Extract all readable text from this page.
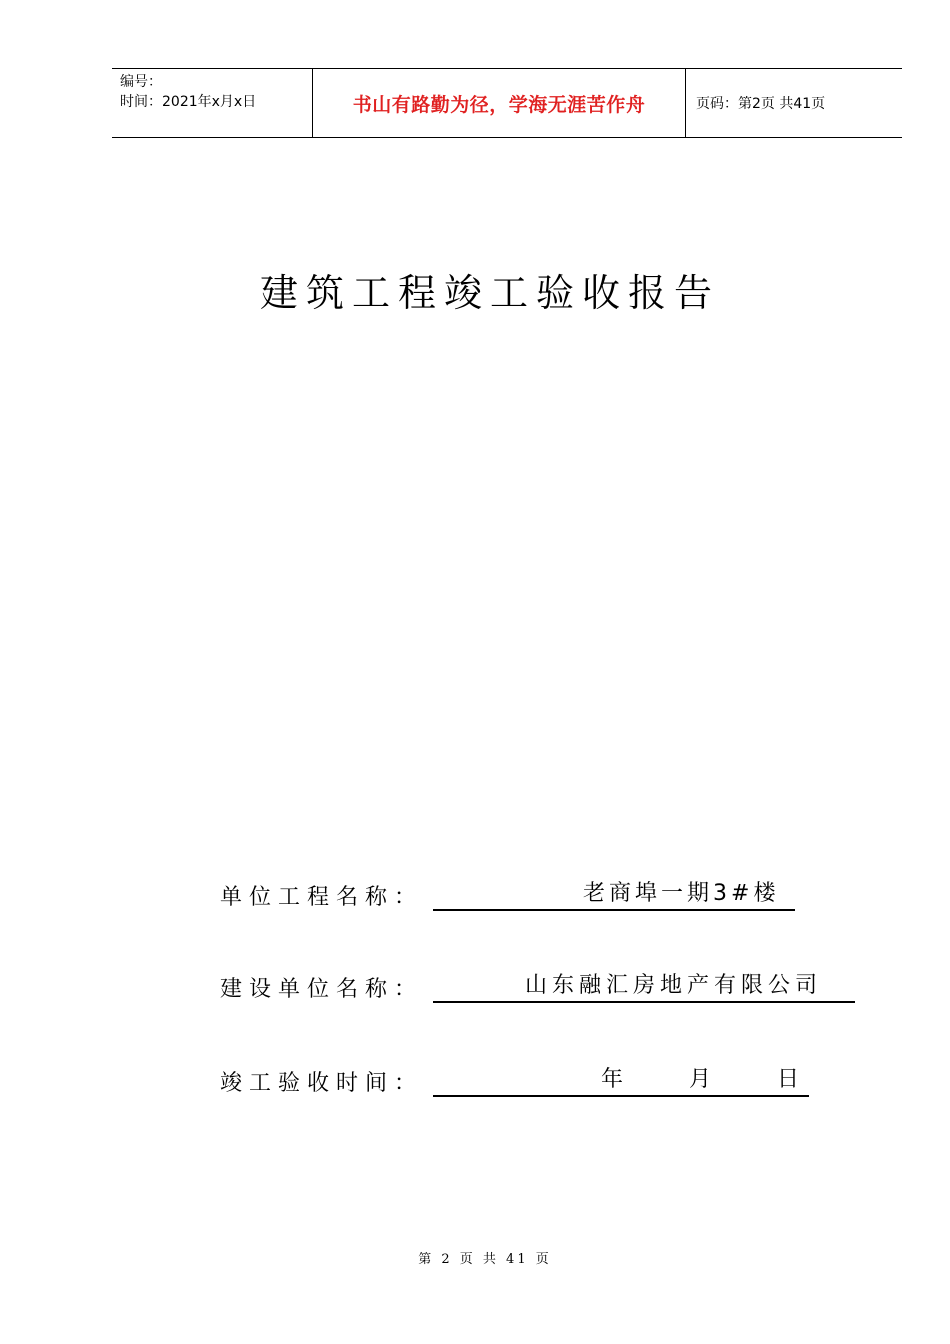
编号：
时间：2021年x月x日	书山有路勤为径，学海无涯苦作舟	页码：第2页 共41页
建筑工程竣工验收报告
单位工程名称：	老商埠一期3#楼
建设单位名称：	山东融汇房地产有限公司
竣工验收时间：	年	月	日
第 2 页 共 41 页
